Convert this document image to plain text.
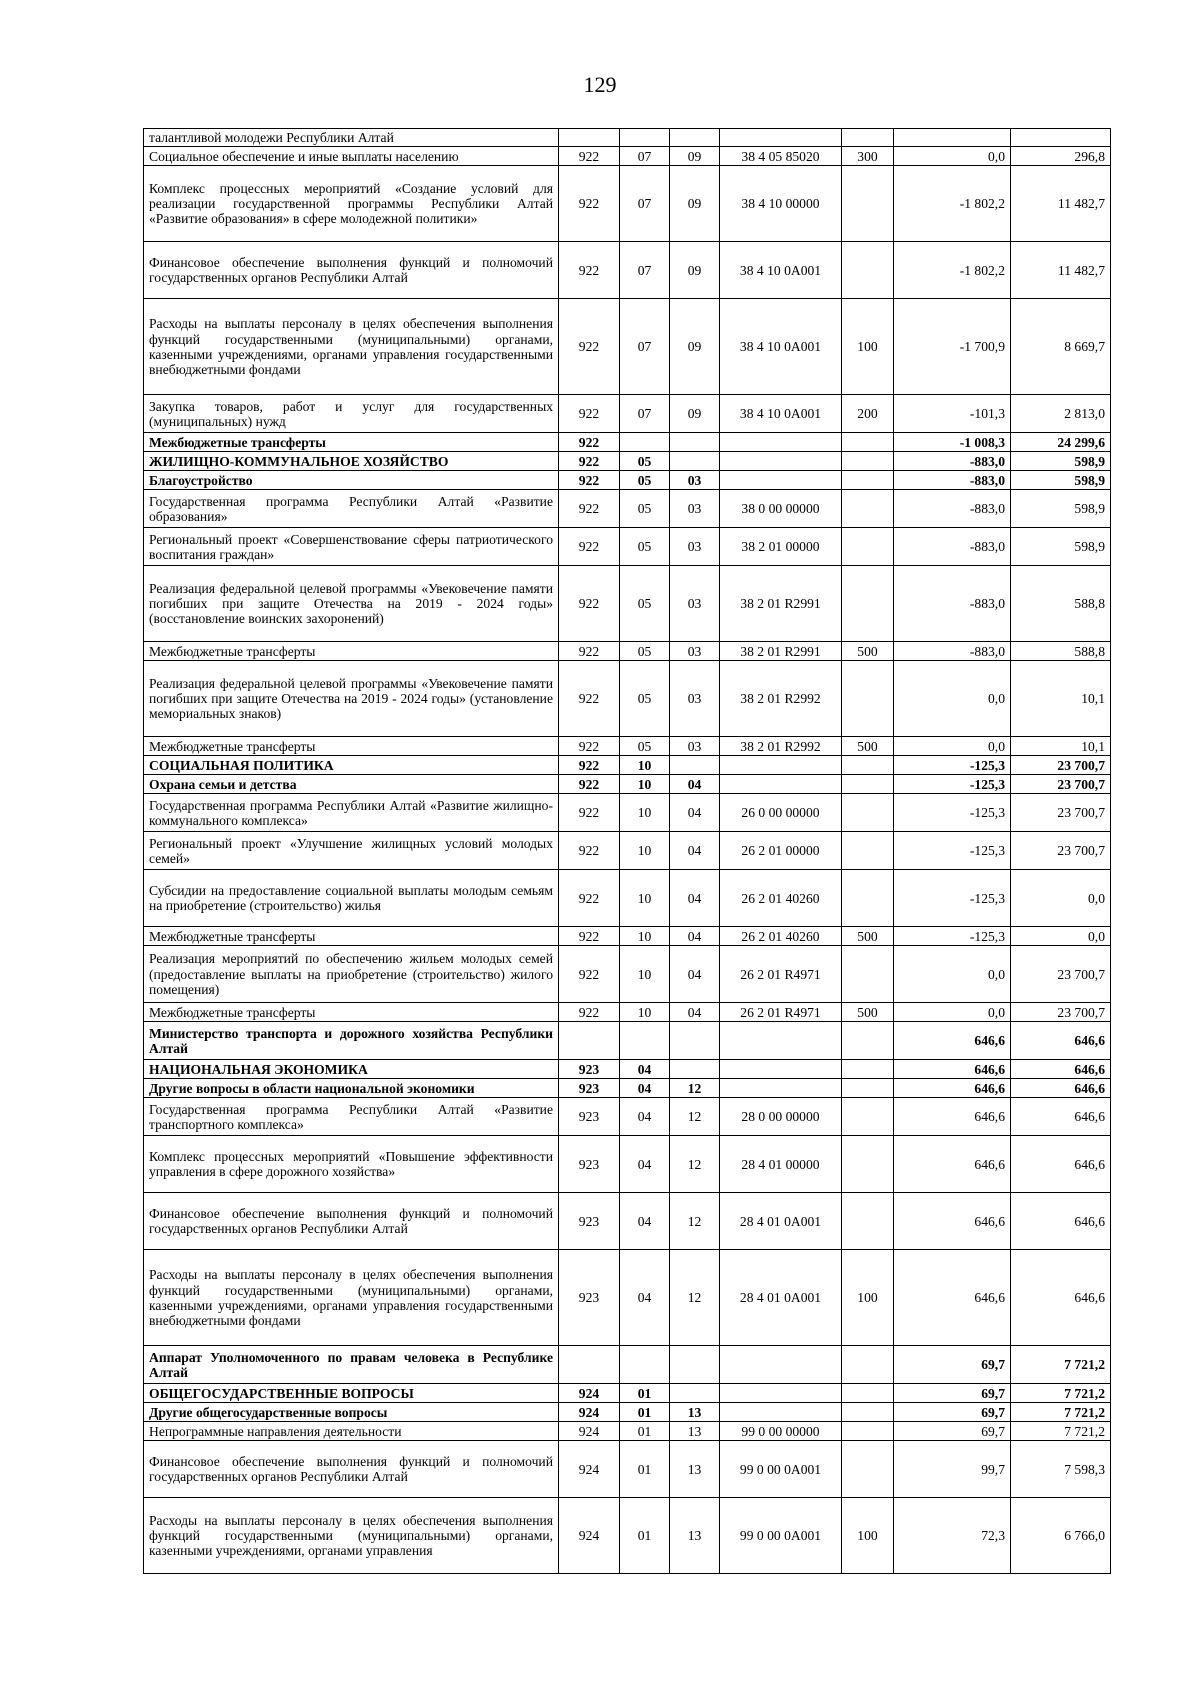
129
талантливой молодежи Республики Алтай							
Социальное обеспечение и иные выплаты населению	922	07	09	38 4 05 85020	300	0,0	296,8
Комплекс процессных мероприятий «Создание условий для реализации государственной программы Республики Алтай «Развитие образования» в сфере молодежной политики»	922	07	09	38 4 10 00000		-1 802,2	11 482,7
Финансовое обеспечение выполнения функций и полномочий государственных органов Республики Алтай	922	07	09	38 4 10 0A001		-1 802,2	11 482,7
Расходы на выплаты персоналу в целях обеспечения выполнения функций государственными (муниципальными) органами, казенными учреждениями, органами управления государственными внебюджетными фондами	922	07	09	38 4 10 0A001	100	-1 700,9	8 669,7
Закупка товаров, работ и услуг для государственных (муниципальных) нужд	922	07	09	38 4 10 0A001	200	-101,3	2 813,0
Межбюджетные трансферты	922					-1 008,3	24 299,6
ЖИЛИЩНО-КОММУНАЛЬНОЕ ХОЗЯЙСТВО	922	05				-883,0	598,9
Благоустройство	922	05	03			-883,0	598,9
Государственная программа Республики Алтай «Развитие образования»	922	05	03	38 0 00 00000		-883,0	598,9
Региональный проект «Совершенствование сферы патриотического воспитания граждан»	922	05	03	38 2 01 00000		-883,0	598,9
Реализация федеральной целевой программы «Увековечение памяти погибших при защите Отечества на 2019 - 2024 годы» (восстановление воинских захоронений)	922	05	03	38 2 01 R2991		-883,0	588,8
Межбюджетные трансферты	922	05	03	38 2 01 R2991	500	-883,0	588,8
Реализация федеральной целевой программы «Увековечение памяти погибших при защите Отечества на 2019 - 2024 годы» (установление мемориальных знаков)	922	05	03	38 2 01 R2992		0,0	10,1
Межбюджетные трансферты	922	05	03	38 2 01 R2992	500	0,0	10,1
СОЦИАЛЬНАЯ ПОЛИТИКА	922	10				-125,3	23 700,7
Охрана семьи и детства	922	10	04			-125,3	23 700,7
Государственная программа Республики Алтай «Развитие жилищно-коммунального комплекса»	922	10	04	26 0 00 00000		-125,3	23 700,7
Региональный проект «Улучшение жилищных условий молодых семей»	922	10	04	26 2 01 00000		-125,3	23 700,7
Субсидии на предоставление социальной выплаты молодым семьям на приобретение (строительство) жилья	922	10	04	26 2 01 40260		-125,3	0,0
Межбюджетные трансферты	922	10	04	26 2 01 40260	500	-125,3	0,0
Реализация мероприятий по обеспечению жильем молодых семей (предоставление выплаты на приобретение (строительство) жилого помещения)	922	10	04	26 2 01 R4971		0,0	23 700,7
Межбюджетные трансферты	922	10	04	26 2 01 R4971	500	0,0	23 700,7
Министерство транспорта и дорожного хозяйства Республики Алтай						646,6	646,6
НАЦИОНАЛЬНАЯ ЭКОНОМИКА	923	04				646,6	646,6
Другие вопросы в области национальной экономики	923	04	12			646,6	646,6
Государственная программа Республики Алтай «Развитие транспортного комплекса»	923	04	12	28 0 00 00000		646,6	646,6
Комплекс процессных мероприятий «Повышение эффективности управления в сфере дорожного хозяйства»	923	04	12	28 4 01 00000		646,6	646,6
Финансовое обеспечение выполнения функций и полномочий государственных органов Республики Алтай	923	04	12	28 4 01 0A001		646,6	646,6
Расходы на выплаты персоналу в целях обеспечения выполнения функций государственными (муниципальными) органами, казенными учреждениями, органами управления государственными внебюджетными фондами	923	04	12	28 4 01 0A001	100	646,6	646,6
Аппарат Уполномоченного по правам человека в Республике Алтай						69,7	7 721,2
ОБЩЕГОСУДАРСТВЕННЫЕ ВОПРОСЫ	924	01				69,7	7 721,2
Другие общегосударственные вопросы	924	01	13			69,7	7 721,2
Непрограммные направления деятельности	924	01	13	99 0 00 00000		69,7	7 721,2
Финансовое обеспечение выполнения функций и полномочий государственных органов Республики Алтай	924	01	13	99 0 00 0A001		99,7	7 598,3
Расходы на выплаты персоналу в целях обеспечения выполнения функций государственными (муниципальными) органами, казенными учреждениями, органами управления	924	01	13	99 0 00 0A001	100	72,3	6 766,0
